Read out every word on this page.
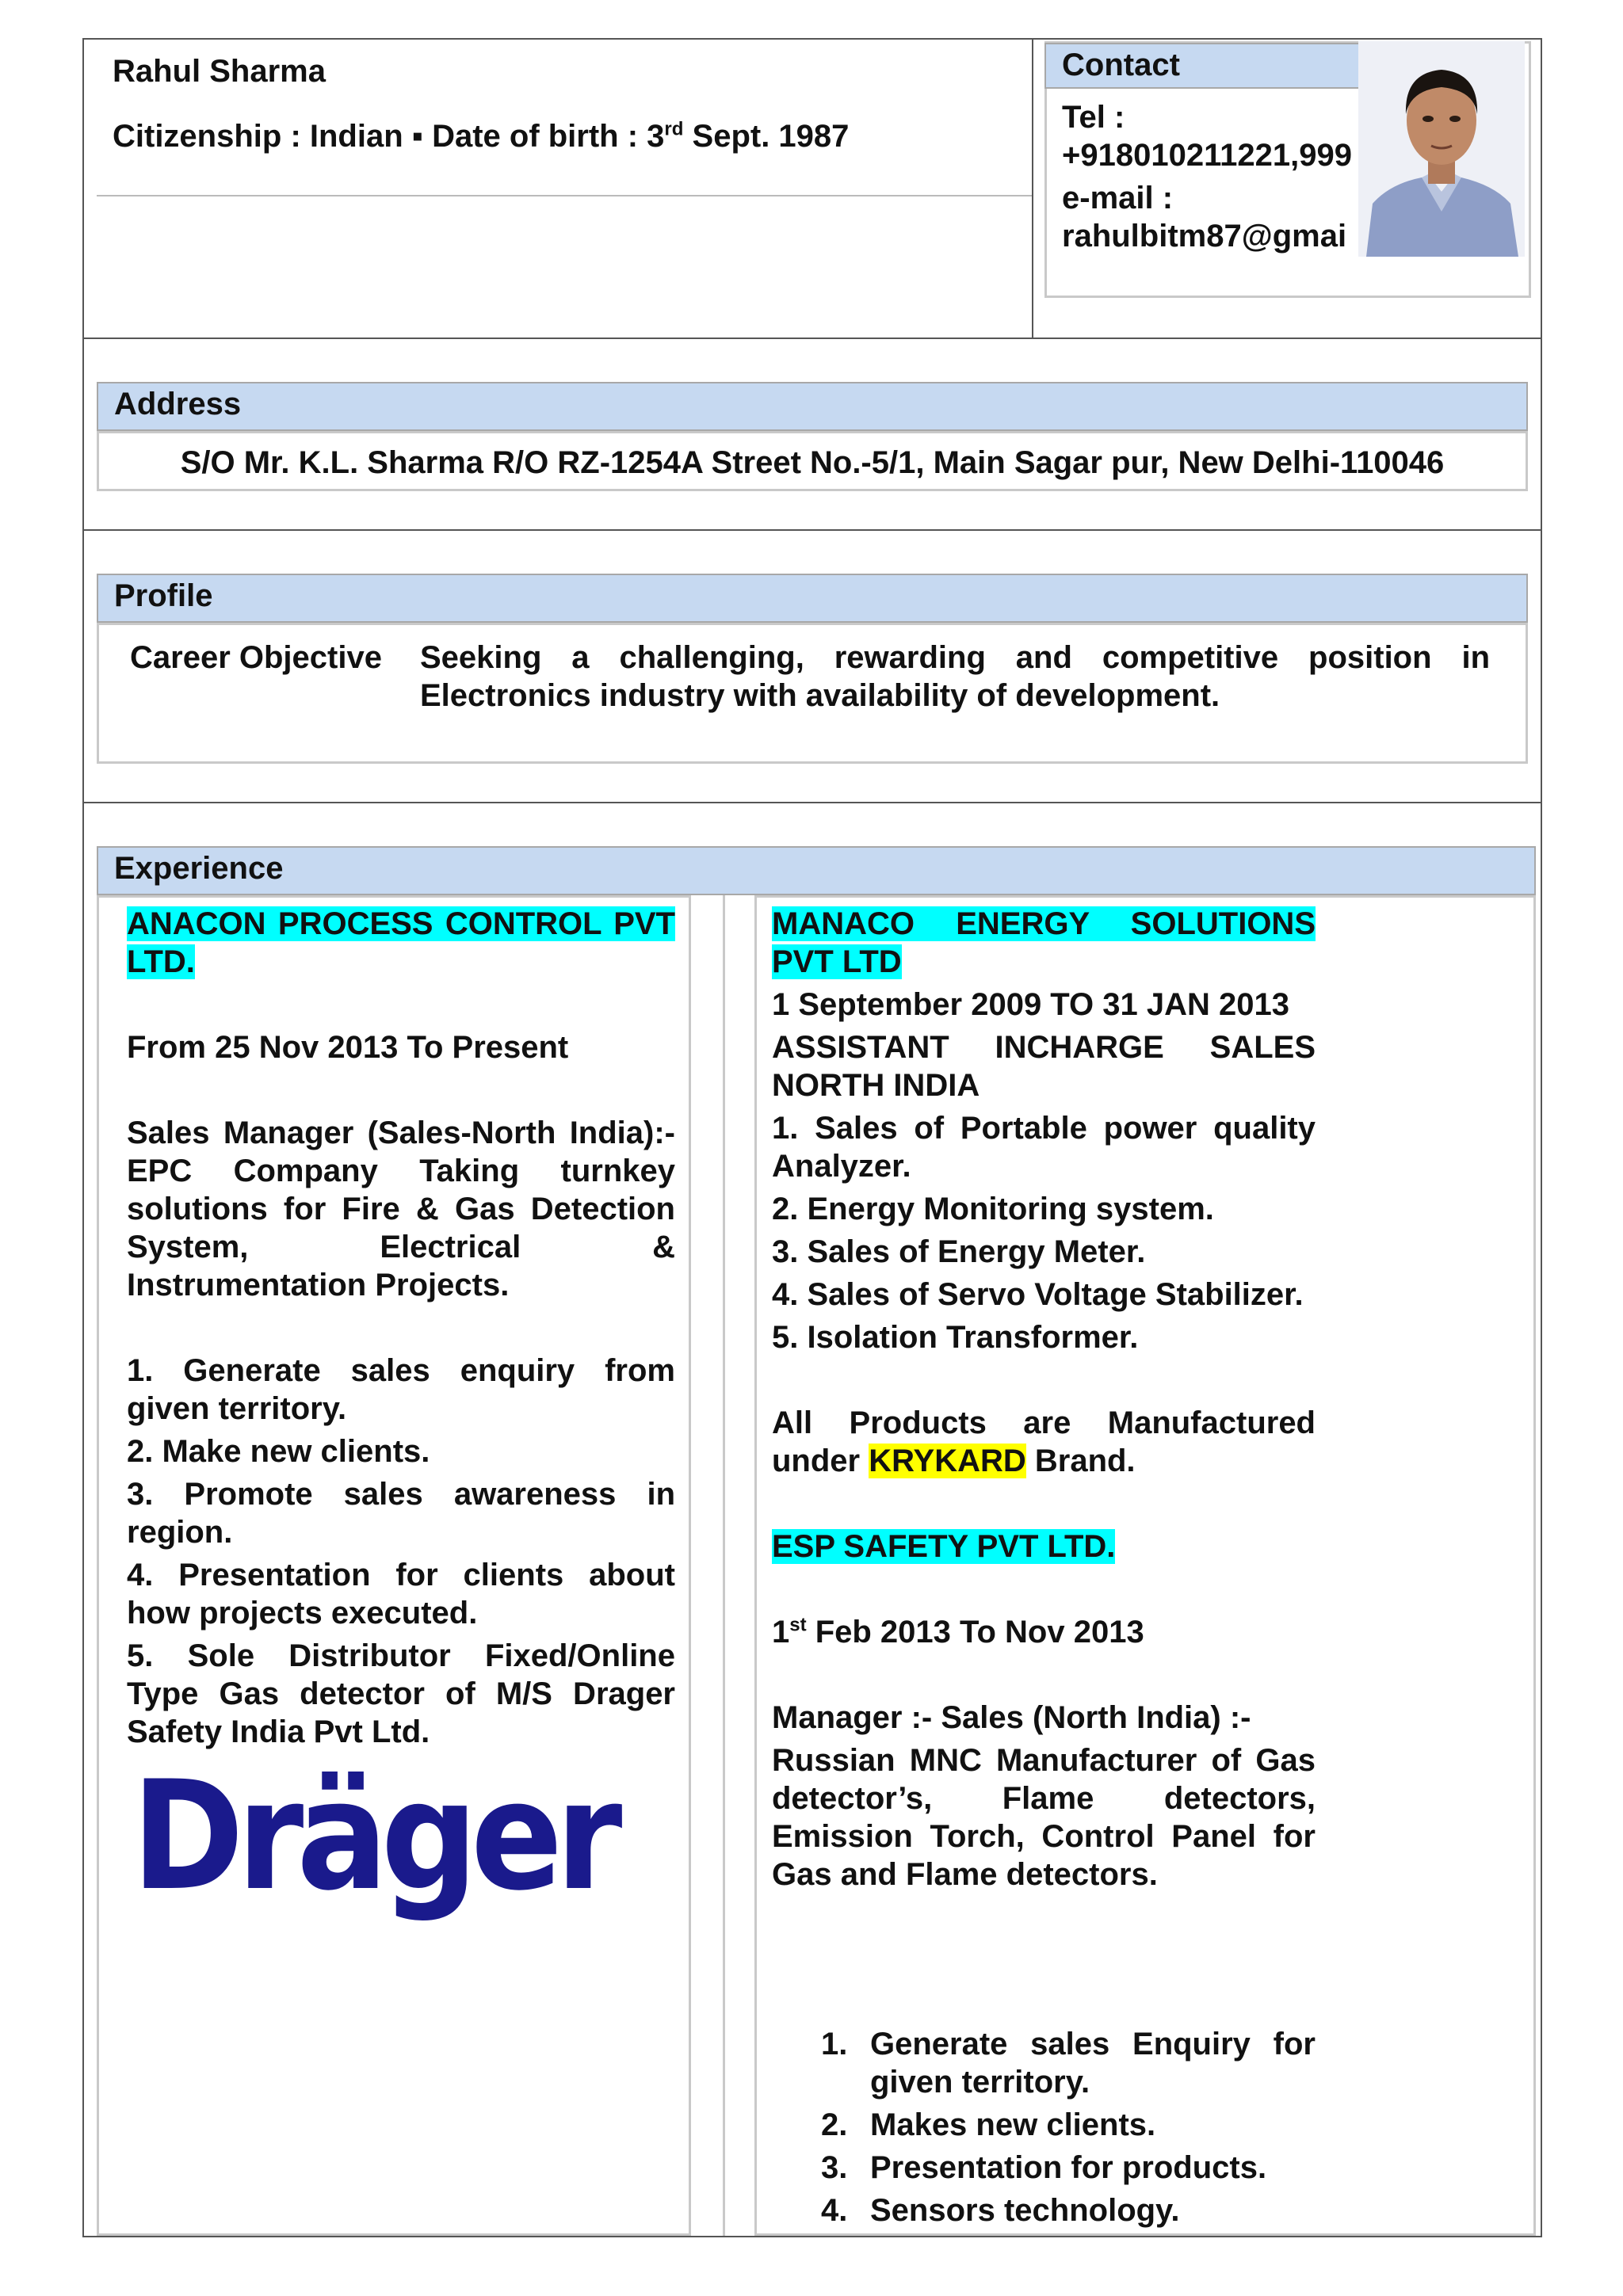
Rahul Sharma
Citizenship : Indian ▪ Date of birth : 3rd Sept. 1987
Contact
Tel :
+918010211221,999
e-mail :
rahulbitm87@gmai
Address
S/O Mr. K.L. Sharma R/O RZ-1254A Street No.-5/1, Main Sagar pur, New Delhi-110046
Profile
Career Objective Seeking a challenging, rewarding and competitive position in Electronics industry with availability of development.
Experience
ANACON PROCESS CONTROL PVT LTD.
From 25 Nov 2013 To Present
Sales Manager (Sales-North India):- EPC Company Taking turnkey solutions for Fire & Gas Detection System, Electrical & Instrumentation Projects.
1. Generate sales enquiry from given territory.
2. Make new clients.
3. Promote sales awareness in region.
4. Presentation for clients about how projects executed.
5. Sole Distributor Fixed/Online Type Gas detector of M/S Drager Safety India Pvt Ltd.
Dräger
MANACO ENERGY SOLUTIONS PVT LTD
1 September 2009 TO 31 JAN 2013
ASSISTANT INCHARGE SALES NORTH INDIA
1. Sales of Portable power quality Analyzer.
2. Energy Monitoring system.
3. Sales of Energy Meter.
4. Sales of Servo Voltage Stabilizer.
5. Isolation Transformer.
All Products are Manufactured under KRYKARD Brand.
ESP SAFETY PVT LTD.
1st Feb 2013 To Nov 2013
Manager :- Sales (North India) :-
Russian MNC Manufacturer of Gas detector’s, Flame detectors, Emission Torch, Control Panel for Gas and Flame detectors.
1. Generate sales Enquiry for given territory.
2. Makes new clients.
3. Presentation for products.
4. Sensors technology.
